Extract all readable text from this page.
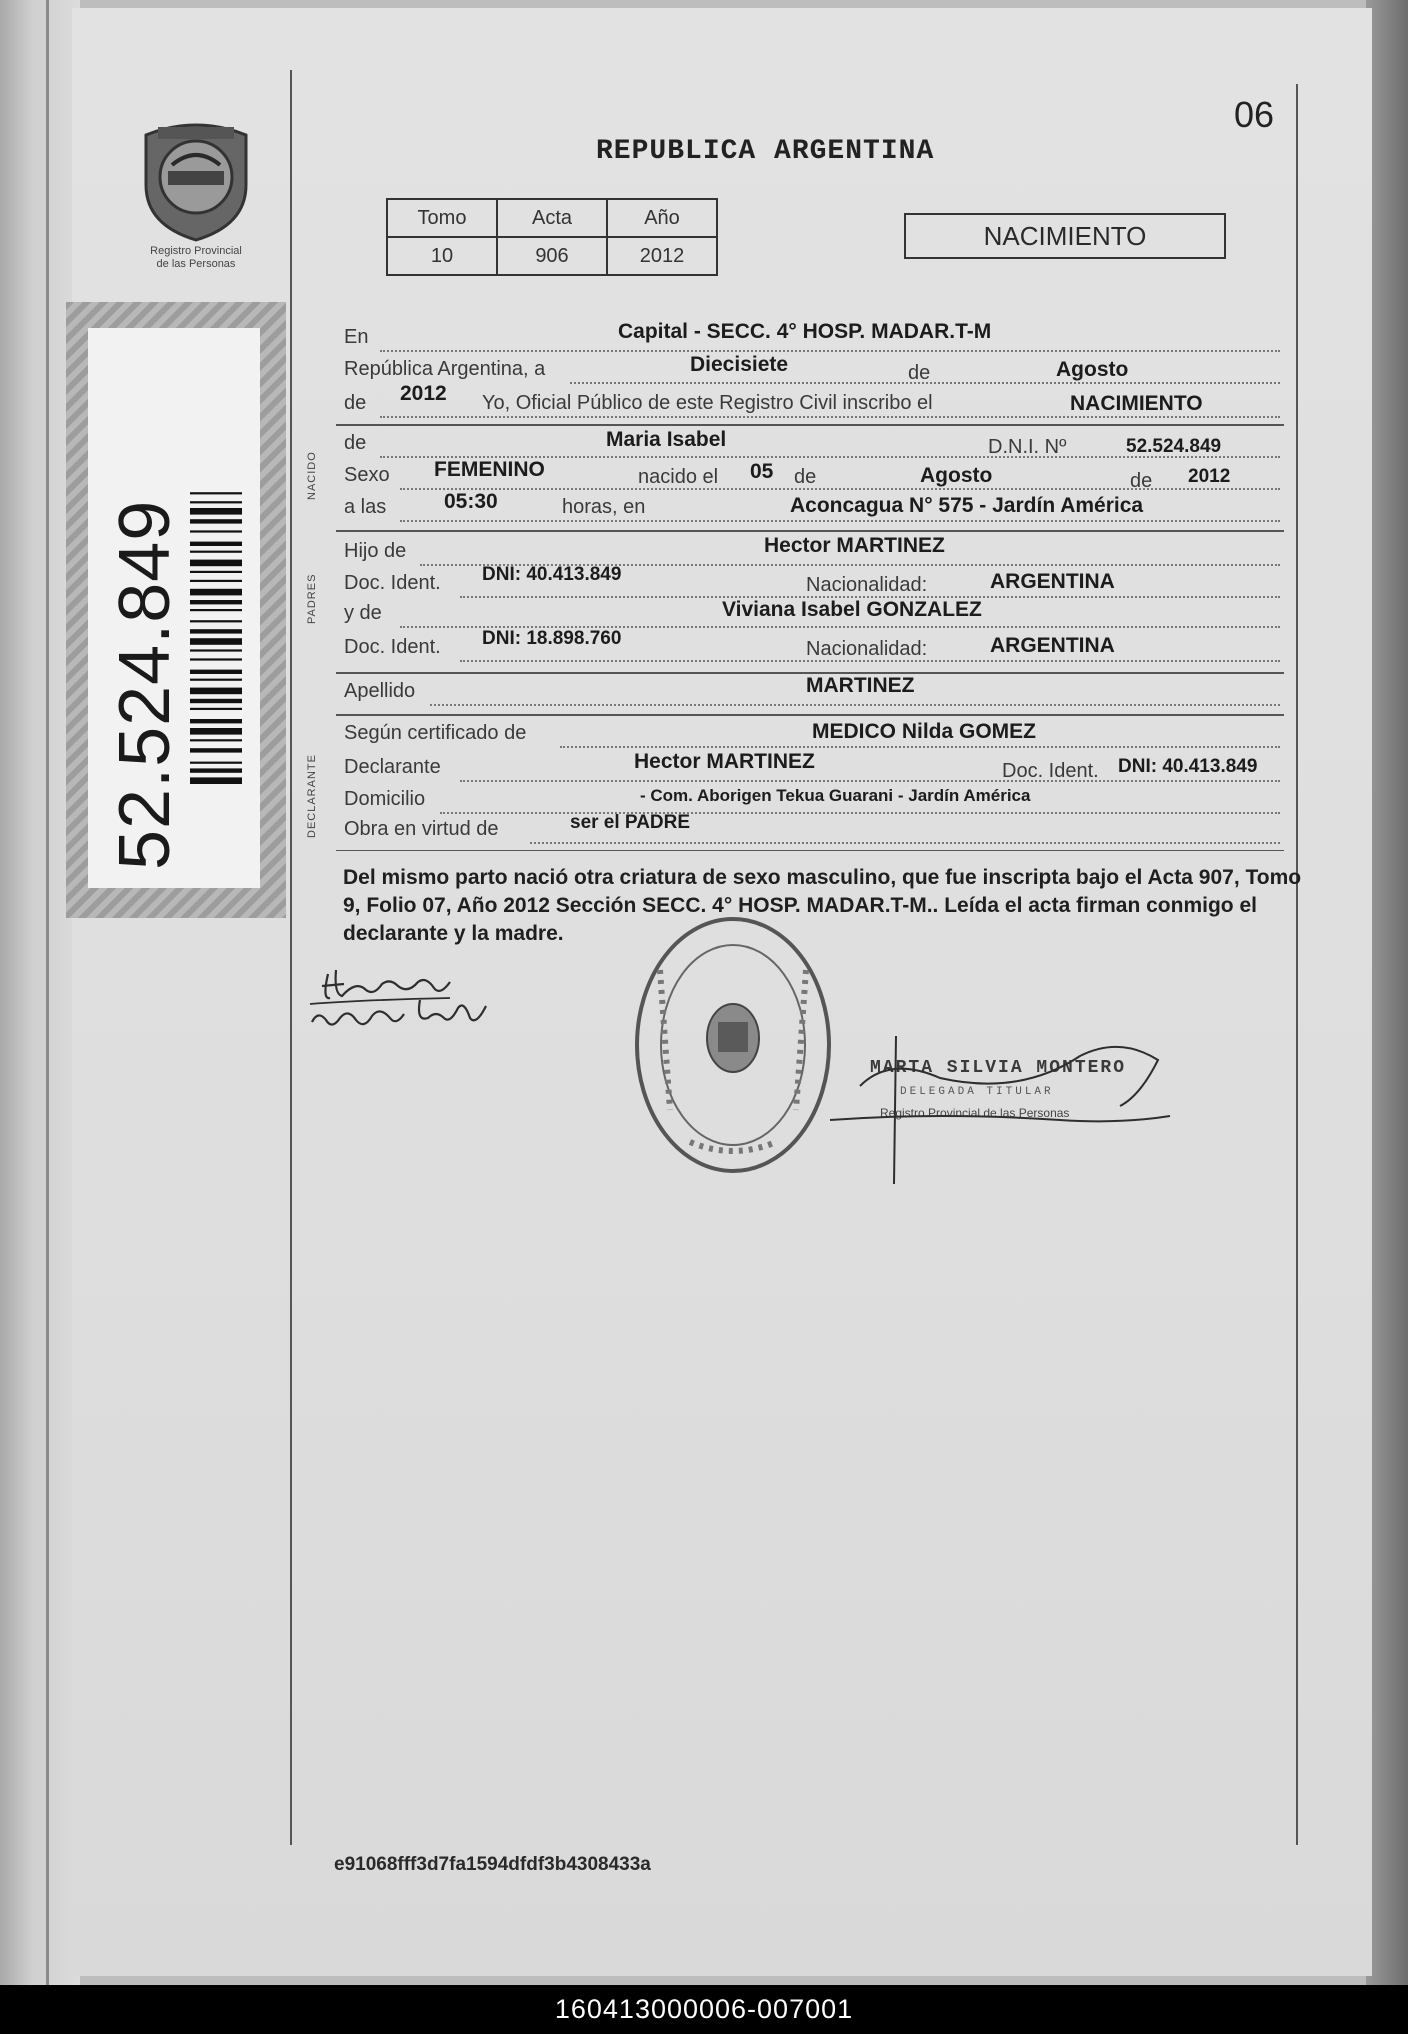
Registro Provincial
de las Personas
52.524.849
NACIDO
PADRES
DECLARANTE
06
REPUBLICA ARGENTINA
Tomo	Acta	Año
10	906	2012
NACIMIENTO
En	Capital - SECC. 4° HOSP. MADAR.T-M
República Argentina, a	Diecisiete	de	Agosto
de 2012 Yo, Oficial Público de este Registro Civil inscribo el	NACIMIENTO
de	Maria Isabel	D.N.I. Nº	52.524.849
Sexo FEMENINO	nacido el 05 de	Agosto	de 2012
a las	05:30	horas, en	Aconcagua N° 575 - Jardín América
Hijo de	Hector MARTINEZ
Doc. Ident. DNI: 40.413.849	Nacionalidad:	ARGENTINA
y de	Viviana Isabel GONZALEZ
Doc. Ident. DNI: 18.898.760	Nacionalidad:	ARGENTINA
Apellido	MARTINEZ
Según certificado de	MEDICO Nilda GOMEZ
Declarante	Hector MARTINEZ	Doc. Ident. DNI: 40.413.849
Domicilio	- Com. Aborigen Tekua Guarani - Jardín América
Obra en virtud de	ser el PADRE
Del mismo parto nació otra criatura de sexo masculino, que fue inscripta bajo el Acta 907, Tomo 9, Folio 07, Año 2012 Sección SECC. 4° HOSP. MADAR.T-M.. Leída el acta firman conmigo el declarante y la madre.
MARTA SILVIA MONTERO
DELEGADA TITULAR
Registro Provincial de las Personas
e91068fff3d7fa1594dfdf3b4308433a
160413000006-007001
